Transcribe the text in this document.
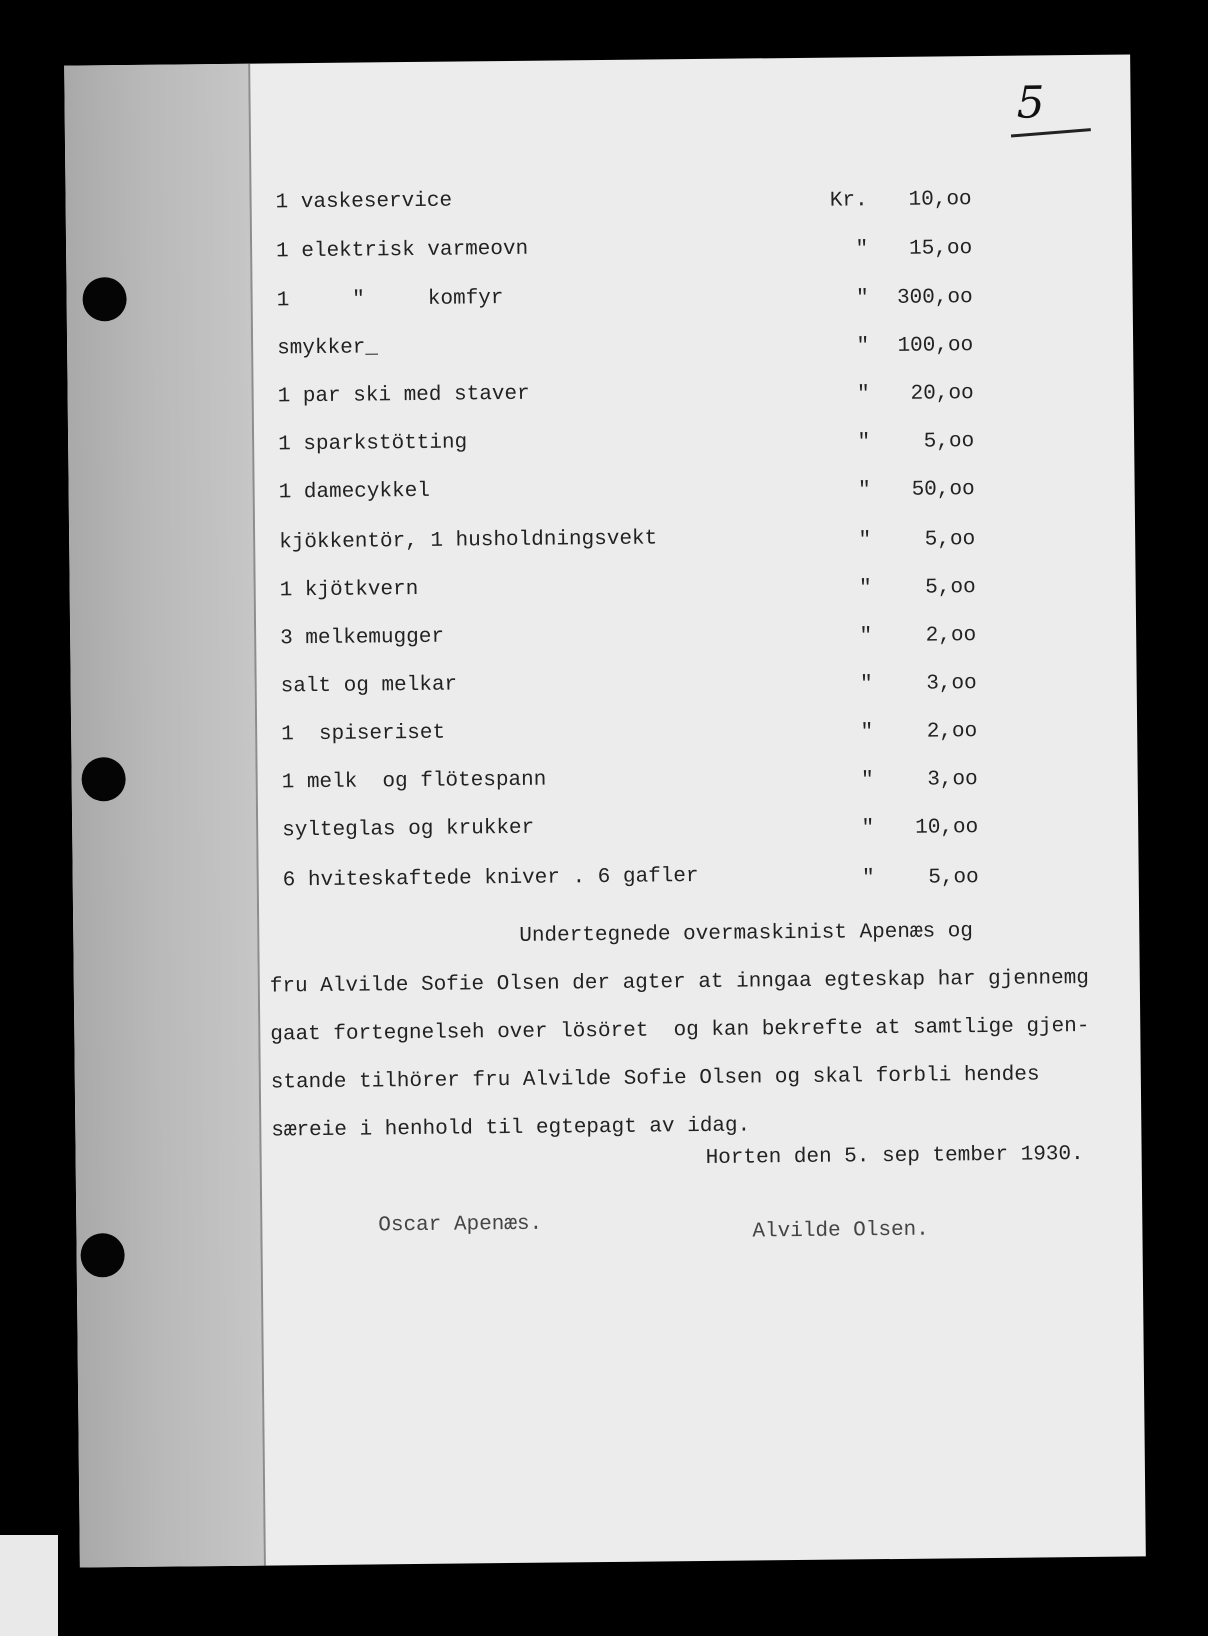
5
1 vaskeservice	Kr.	10,oo
1 elektrisk varmeovn	"	15,oo
1     "     komfyr	"	300,oo
smykker_	"	100,oo
1 par ski med staver	"	20,oo
1 sparkstötting	"	5,oo
1 damecykkel	"	50,oo
kjökkentör, 1 husholdningsvekt	"	5,oo
1 kjötkvern	"	5,oo
3 melkemugger	"	2,oo
salt og melkar	"	3,oo
1  spiseriset	"	2,oo
1 melk  og flötespann	"	3,oo
sylteglas og krukker	"	10,oo
6 hviteskaftede kniver . 6 gafler	"	5,oo
Undertegnede overmaskinist Apenæs og
fru Alvilde Sofie Olsen der agter at inngaa egteskap har gjennemg
gaat fortegnelseh over lösöret  og kan bekrefte at samtlige gjen-
stande tilhörer fru Alvilde Sofie Olsen og skal forbli hendes
særeie i henhold til egtepagt av idag.
Horten den 5. sep tember 1930.
Oscar Apenæs.	Alvilde Olsen.
